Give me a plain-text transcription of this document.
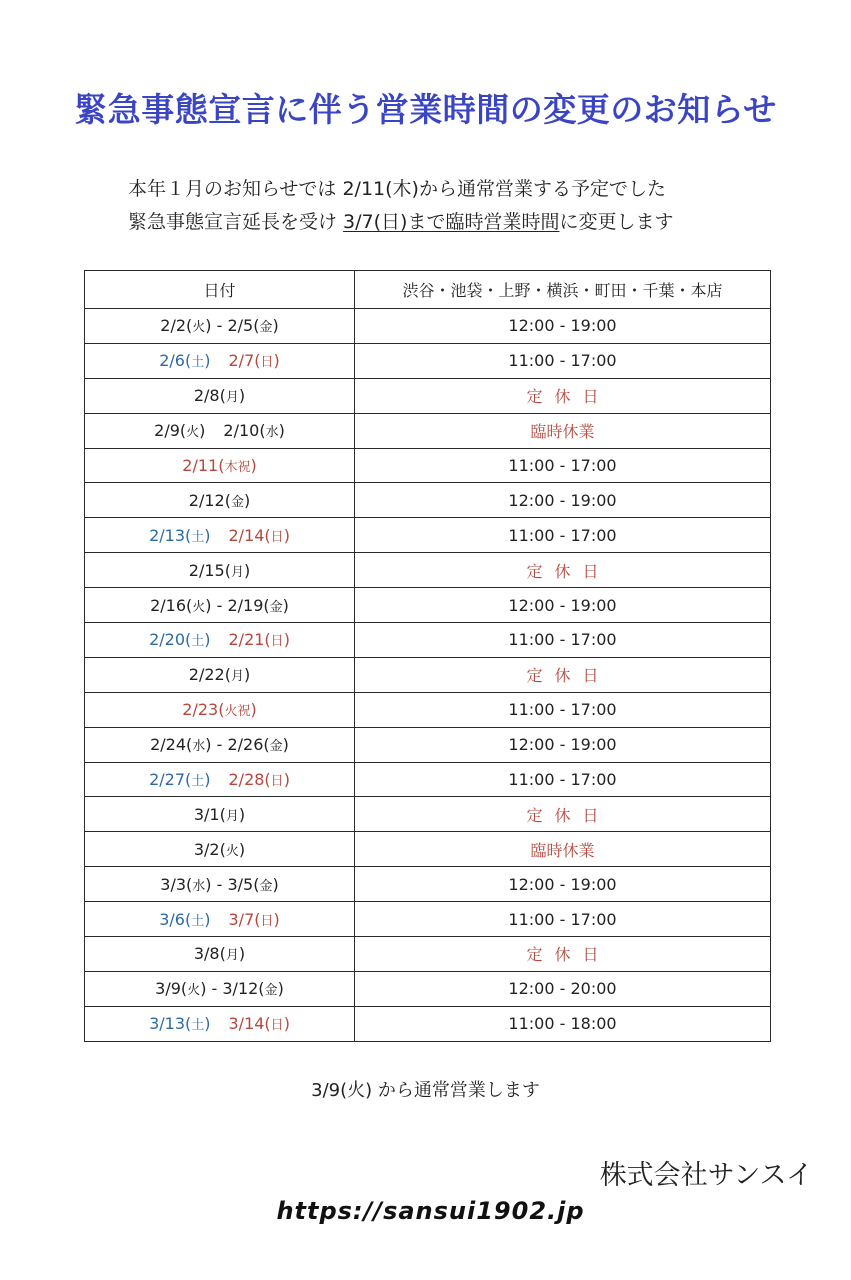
緊急事態宣言に伴う営業時間の変更のお知らせ
本年１月のお知らせでは 2/11(木)から通常営業する予定でした
緊急事態宣言延長を受け 3/7(日)まで臨時営業時間に変更します
日付	渋谷・池袋・上野・横浜・町田・千葉・本店
2/2(火) - 2/5(金)	12:00 - 19:00
2/6(土) 2/7(日)	11:00 - 17:00
2/8(月)	定休日
2/9(火) 2/10(水)	臨時休業
2/11(木祝)	11:00 - 17:00
2/12(金)	12:00 - 19:00
2/13(土) 2/14(日)	11:00 - 17:00
2/15(月)	定休日
2/16(火) - 2/19(金)	12:00 - 19:00
2/20(土) 2/21(日)	11:00 - 17:00
2/22(月)	定休日
2/23(火祝)	11:00 - 17:00
2/24(水) - 2/26(金)	12:00 - 19:00
2/27(土) 2/28(日)	11:00 - 17:00
3/1(月)	定休日
3/2(火)	臨時休業
3/3(水) - 3/5(金)	12:00 - 19:00
3/6(土) 3/7(日)	11:00 - 17:00
3/8(月)	定休日
3/9(火) - 3/12(金)	12:00 - 20:00
3/13(土) 3/14(日)	11:00 - 18:00
3/9(火) から通常営業します
株式会社サンスイ
https://sansui1902.jp
